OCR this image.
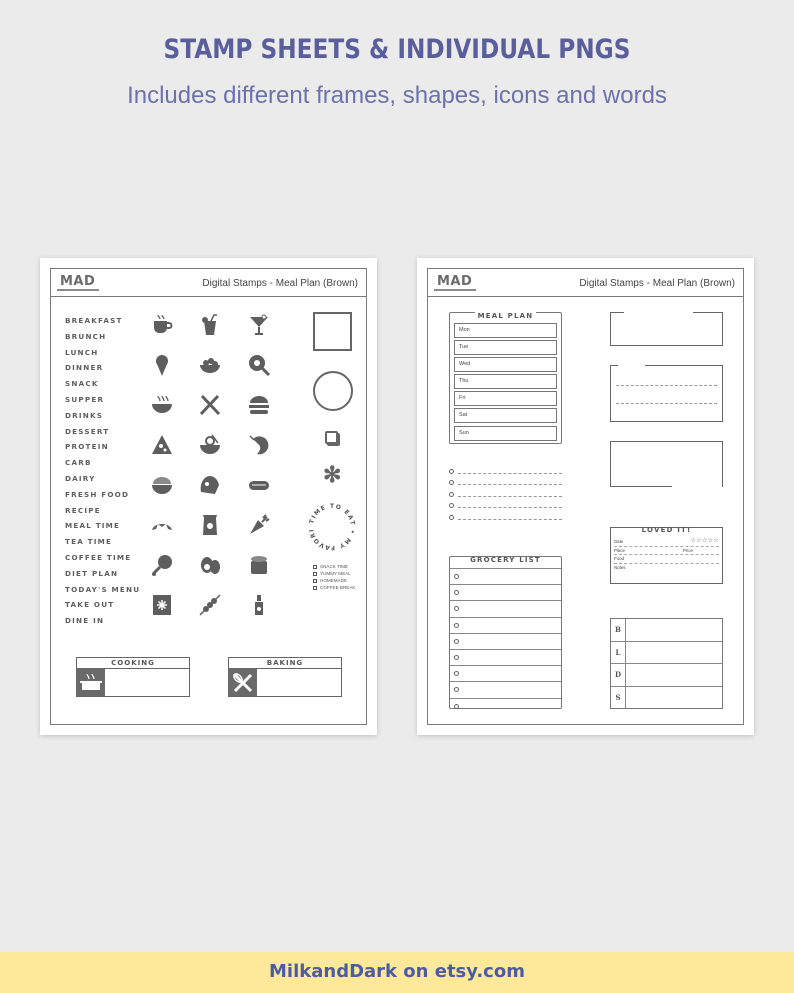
STAMP SHEETS & INDIVIDUAL PNGS
Includes different frames, shapes, icons and words
MAD	Digital Stamps - Meal Plan (Brown)
BREAKFAST
BRUNCH
LUNCH
DINNER
SNACK
SUPPER
DRINKS
DESSERT
PROTEIN
CARB
DAIRY
FRESH FOOD
RECIPE
MEAL TIME
TEA TIME
COFFEE TIME
DIET PLAN
TODAY'S MENU
TAKE OUT
DINE IN
✻
TIME TO EAT • MY FAVORI
SNACK TIME
YUMMY MEAL
HOMEMADE
COFFEE BREAK
COOKING	BAKING
MAD	Digital Stamps - Meal Plan (Brown)
MEAL PLAN
Mon
Tue
Wed
Thu
Fri
Sat
Sun
GROCERY LIST
LOVED IT!
Date	☆☆☆☆☆
Place	Price
Food
Notes
B
L
D
S
MilkandDark on etsy.com
